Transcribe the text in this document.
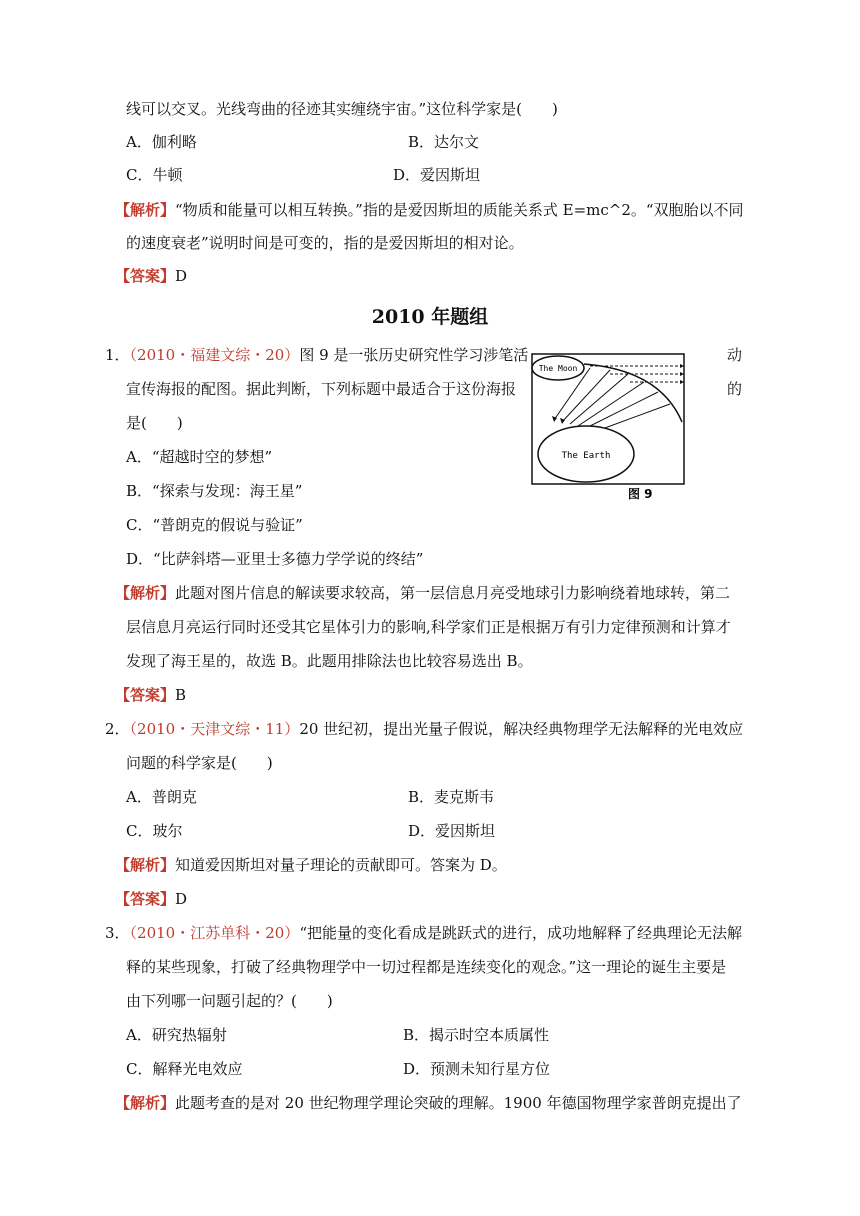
线可以交叉。光线弯曲的径迹其实缠绕宇宙。”这位科学家是(　　)
A．伽利略	B．达尔文
C．牛顿	D．爱因斯坦
【解析】“物质和能量可以相互转换。”指的是爱因斯坦的质能关系式 E=mc^2。“双胞胎以不同
的速度衰老”说明时间是可变的，指的是爱因斯坦的相对论。
【答案】D
2010 年题组
1．（2010・福建文综・20）图 9 是一张历史研究性学习涉笔活	动
宣传海报的配图。据此判断，下列标题中最适合于这份海报	的
是(　　)
A．“超越时空的梦想”
B．“探索与发现：海王星”
C．“普朗克的假说与验证”
D．“比萨斜塔—亚里士多德力学学说的终结”
【解析】此题对图片信息的解读要求较高，第一层信息月亮受地球引力影响绕着地球转，第二
层信息月亮运行同时还受其它星体引力的影响,科学家们正是根据万有引力定律预测和计算才
发现了海王星的，故选 B。此题用排除法也比较容易选出 B。
【答案】B
The Moon
The Earth
图 9
2．（2010・天津文综・11）20 世纪初，提出光量子假说，解决经典物理学无法解释的光电效应
问题的科学家是(　　)
A．普朗克	B．麦克斯韦
C．玻尔	D．爱因斯坦
【解析】知道爱因斯坦对量子理论的贡献即可。答案为 D。
【答案】D
3．（2010・江苏单科・20）“把能量的变化看成是跳跃式的进行，成功地解释了经典理论无法解
释的某些现象，打破了经典物理学中一切过程都是连续变化的观念。”这一理论的诞生主要是
由下列哪一问题引起的？(　　)
A．研究热辐射	B．揭示时空本质属性
C．解释光电效应	D．预测未知行星方位
【解析】此题考查的是对 20 世纪物理学理论突破的理解。1900 年德国物理学家普朗克提出了
